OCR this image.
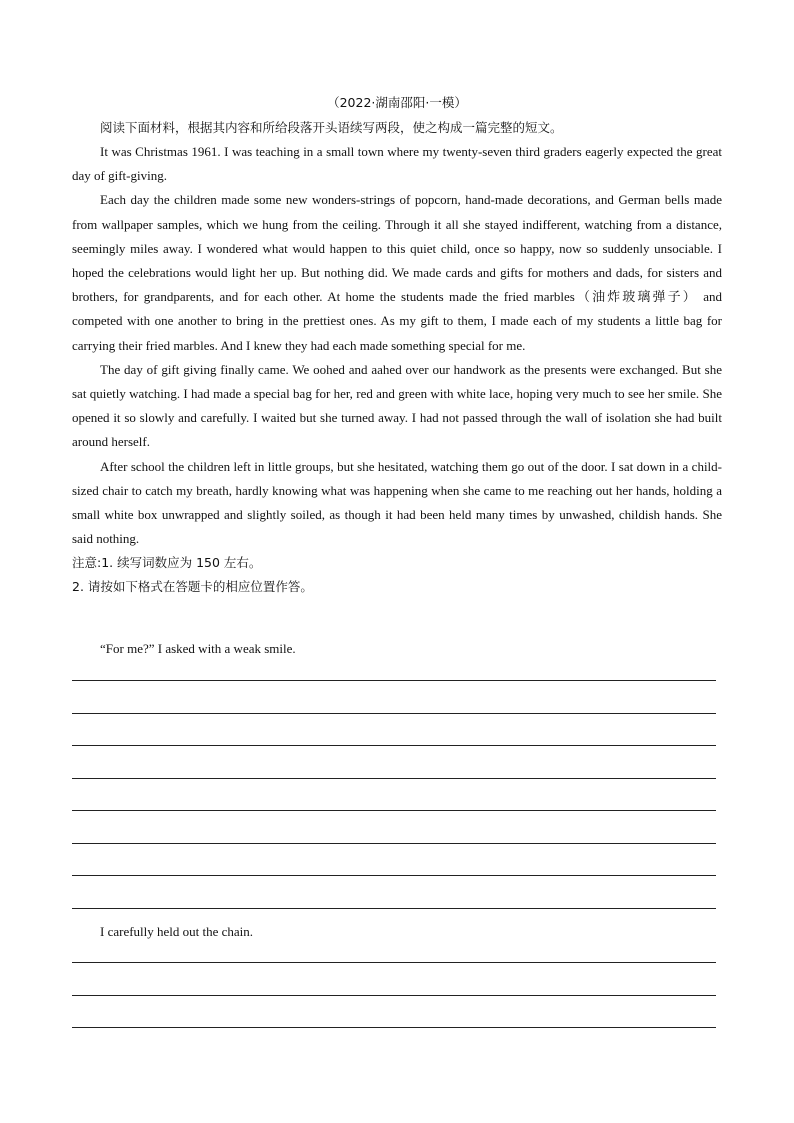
（2022·湖南邵阳·一模）

阅读下面材料，根据其内容和所给段落开头语续写两段，使之构成一篇完整的短文。

It was Christmas 1961. I was teaching in a small town where my twenty-seven third graders eagerly expected the great day of gift-giving.

Each day the children made some new wonders-strings of popcorn, hand-made decorations, and German bells made from wallpaper samples, which we hung from the ceiling. Through it all she stayed indifferent, watching from a distance, seemingly miles away. I wondered what would happen to this quiet child, once so happy, now so suddenly unsociable. I hoped the celebrations would light her up. But nothing did. We made cards and gifts for mothers and dads, for sisters and brothers, for grandparents, and for each other. At home the students made the fried marbles（油炸玻璃弹子） and competed with one another to bring in the prettiest ones. As my gift to them, I made each of my students a little bag for carrying their fried marbles. And I knew they had each made something special for me.

The day of gift giving finally came. We oohed and aahed over our handwork as the presents were exchanged. But she sat quietly watching. I had made a special bag for her, red and green with white lace, hoping very much to see her smile. She opened it so slowly and carefully. I waited but she turned away. I had not passed through the wall of isolation she had built around herself.

After school the children left in little groups, but she hesitated, watching them go out of the door. I sat down in a child-sized chair to catch my breath, hardly knowing what was happening when she came to me reaching out her hands, holding a small white box unwrapped and slightly soiled, as though it had been held many times by unwashed, childish hands. She said nothing.

注意:1. 续写词数应为 150 左右。

2. 请按如下格式在答题卡的相应位置作答。

“For me?” I asked with a weak smile.

I carefully held out the chain.
